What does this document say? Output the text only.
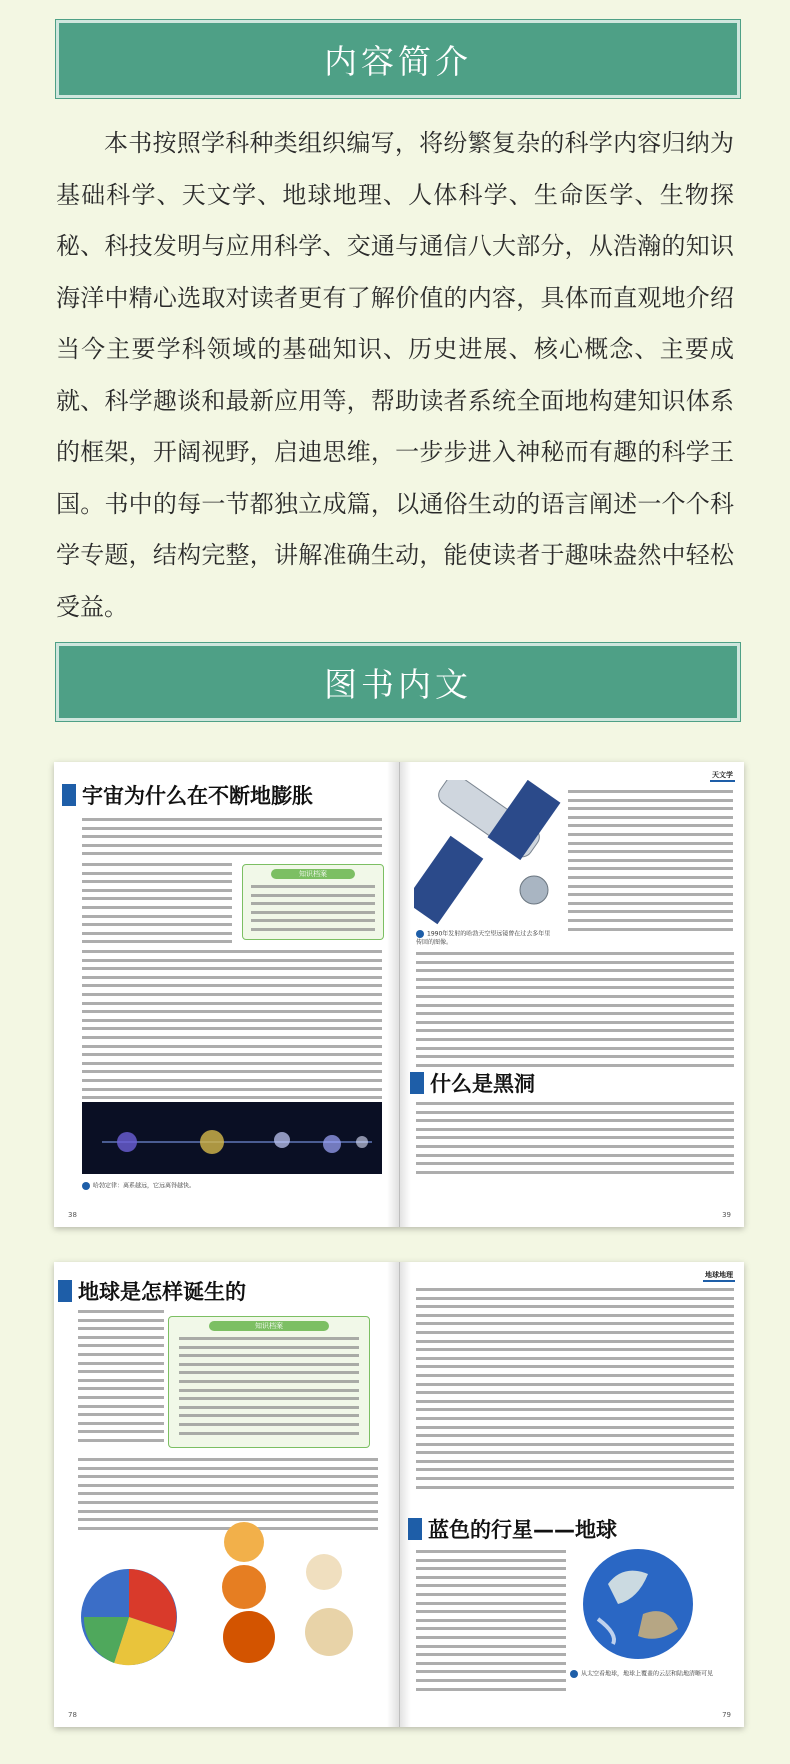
内容简介

本书按照学科种类组织编写，将纷繁复杂的科学内容归纳为基础科学、天文学、地球地理、人体科学、生命医学、生物探秘、科技发明与应用科学、交通与通信八大部分，从浩瀚的知识海洋中精心选取对读者更有了解价值的内容，具体而直观地介绍当今主要学科领域的基础知识、历史进展、核心概念、主要成就、科学趣谈和最新应用等，帮助读者系统全面地构建知识体系的框架，开阔视野，启迪思维，一步步进入神秘而有趣的科学王国。书中的每一节都独立成篇，以通俗生动的语言阐述一个个科学专题，结构完整，讲解准确生动，能使读者于趣味盎然中轻松受益。

图书内文
宇宙为什么在不断地膨胀
知识档案
哈勃定律：离系越远，它远离得越快。
38
天文学
1990年发射的哈勃天空望远镜曾在过去多年里传回的图像。
什么是黑洞
39
地球是怎样诞生的
知识档案
78
地球地理
蓝色的行星——地球
从太空看地球，地球上覆盖的云层和陆地清晰可见
79
